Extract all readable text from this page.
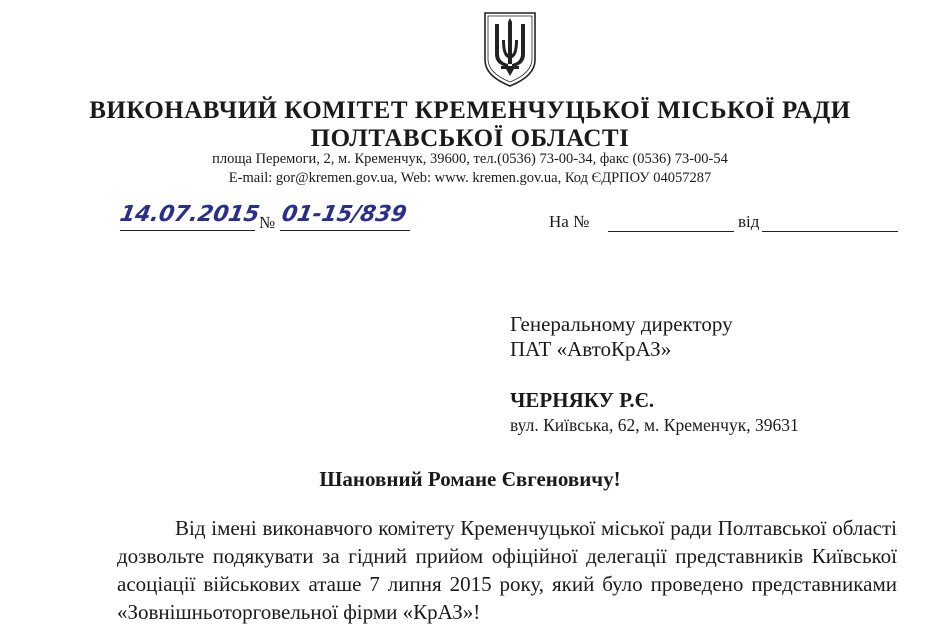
ВИКОНАВЧИЙ КОМІТЕТ КРЕМЕНЧУЦЬКОЇ МІСЬКОЇ РАДИ
ПОЛТАВСЬКОЇ ОБЛАСТІ
площа Перемоги, 2, м. Кременчук, 39600, тел.(0536) 73-00-34, факс (0536) 73-00-54
E-mail: gor@kremen.gov.ua, Web: www. kremen.gov.ua, Код ЄДРПОУ 04057287
14.07.2015
№ 01-15/839	На №	від
Генеральному директору
ПАТ «АвтоКрАЗ»
ЧЕРНЯКУ Р.Є.
вул. Київська, 62, м. Кременчук, 39631
Шановний Романе Євгеновичу!

Від імені виконавчого комітету Кременчуцької міської ради Полтавської області дозвольте подякувати за гідний прийом офіційної делегації представників Київської асоціації військових аташе 7 липня 2015 року, який було проведено представниками «Зовнішньоторговельної фірми «КрАЗ»!
